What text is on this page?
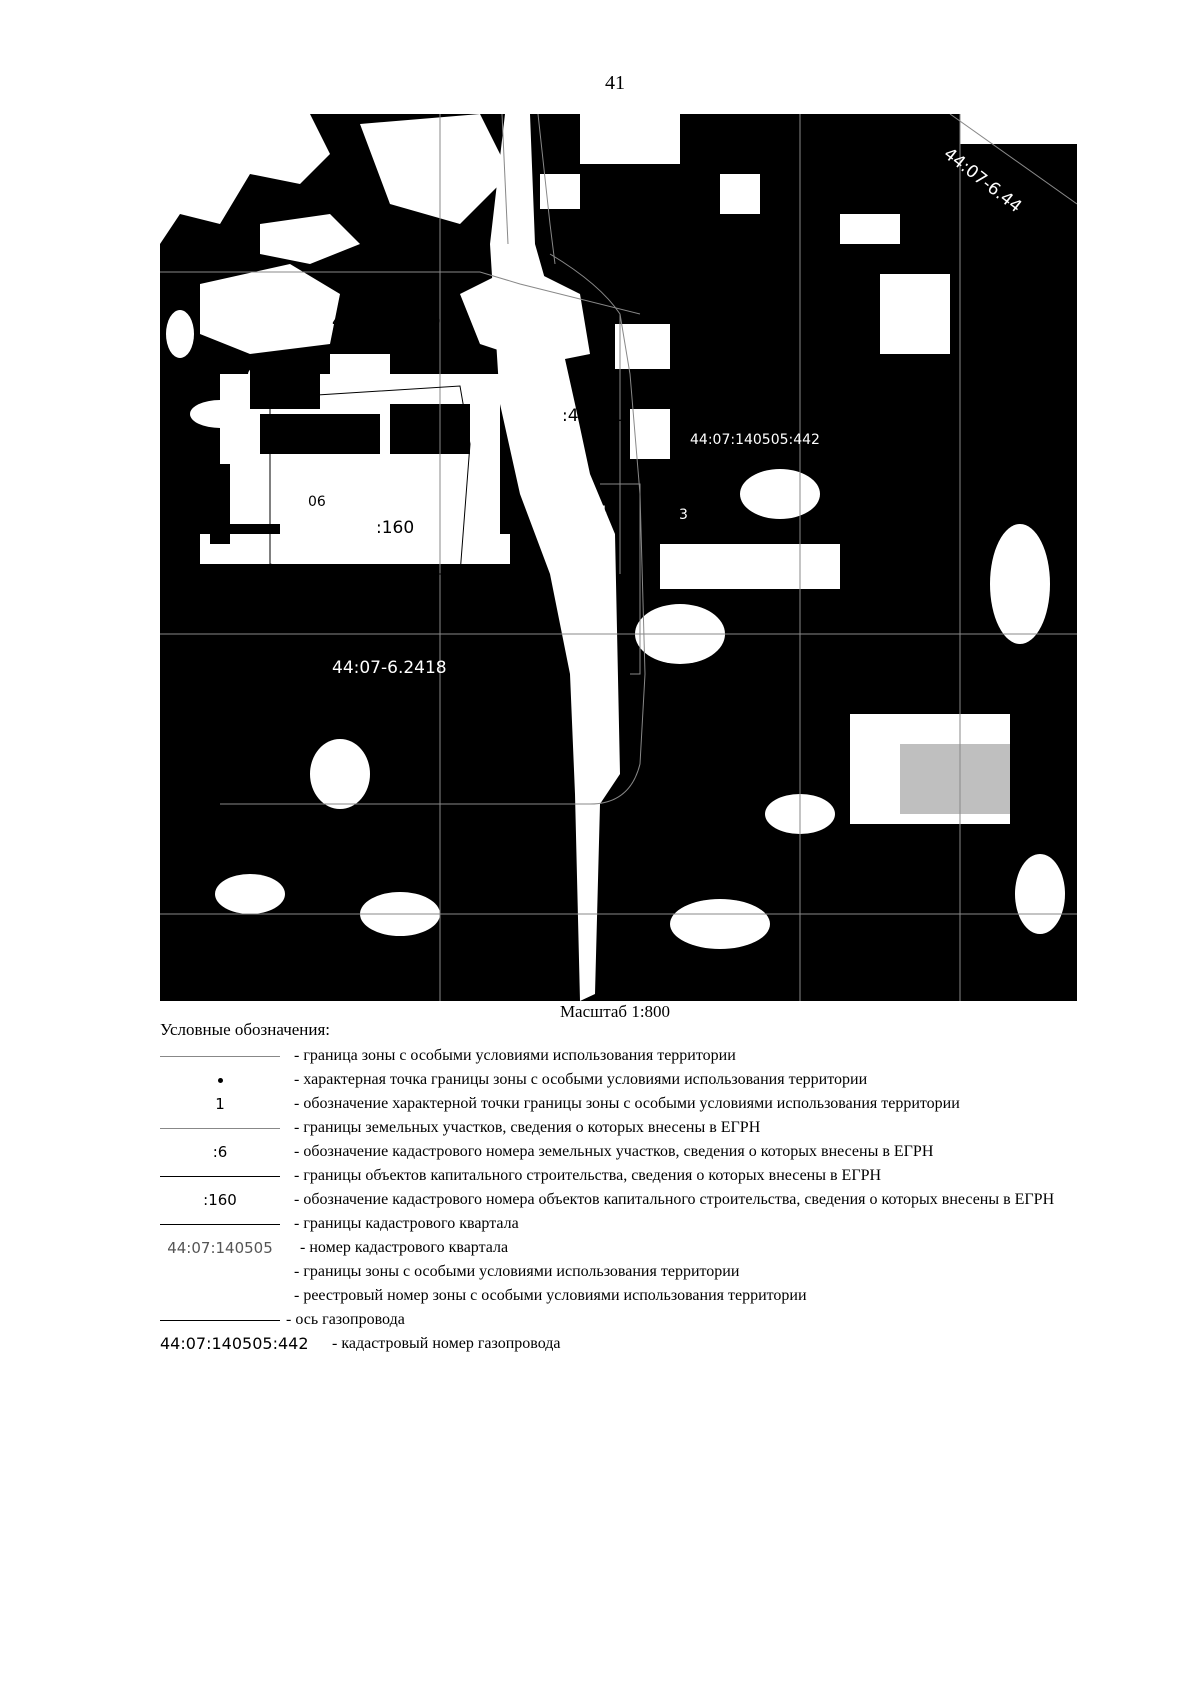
41
44:07-6.44
448
44:07:140505
:432 (1)
44:07:140505:442
:160
06
4	3
44:07-6.2418
Масштаб 1:800
Условные обозначения:
- граница зоны с особыми условиями использования территории
- характерная точка границы зоны с особыми условиями использования территории
1	- обозначение характерной точки границы зоны с особыми условиями использования территории
- границы земельных участков, сведения о которых внесены в ЕГРН
:6	- обозначение кадастрового номера земельных участков, сведения о которых внесены в ЕГРН
- границы объектов капитального строительства, сведения о которых внесены в ЕГРН
:160	- обозначение кадастрового номера объектов капитального строительства, сведения о которых внесены в ЕГРН
- границы кадастрового квартала
44:07:140505	- номер кадастрового квартала
- границы зоны с особыми условиями использования территории
- реестровый номер зоны с особыми условиями использования территории
- ось газопровода
44:07:140505:442	- кадастровый номер газопровода
